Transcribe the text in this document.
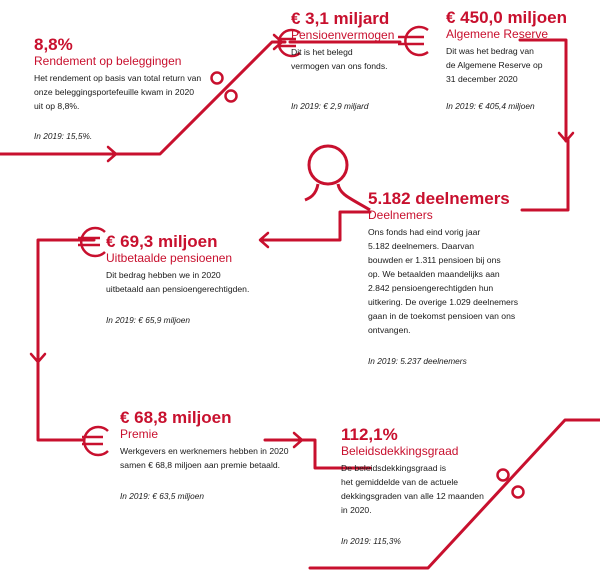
8,8%
Rendement op beleggingen
Het rendement op basis van total return van
onze beleggingsportefeuille kwam in 2020
uit op 8,8%.
In 2019: 15,5%.
€ 3,1 miljard
Pensioenvermogen
Dit is het belegd
vermogen van ons fonds.
In 2019: € 2,9 miljard
€ 450,0 miljoen
Algemene Reserve
Dit was het bedrag van
de Algemene Reserve op
31 december 2020
In 2019: € 405,4 miljoen
5.182 deelnemers
Deelnemers
Ons fonds had eind vorig jaar
5.182 deelnemers. Daarvan
bouwden er 1.311 pensioen bij ons
op. We betaalden maandelijks aan
2.842 pensioengerechtigden hun
uitkering. De overige 1.029 deelnemers
gaan in de toekomst pensioen van ons
ontvangen.
In 2019: 5.237 deelnemers
€ 69,3 miljoen
Uitbetaalde pensioenen
Dit bedrag hebben we in 2020
uitbetaald aan pensioengerechtigden.
In 2019: € 65,9 miljoen
€ 68,8 miljoen
Premie
Werkgevers en werknemers hebben in 2020
samen € 68,8 miljoen aan premie betaald.
In 2019: € 63,5 miljoen
112,1%
Beleidsdekkingsgraad
De beleidsdekkingsgraad is
het gemiddelde van de actuele
dekkingsgraden van alle 12 maanden
in 2020.
In 2019: 115,3%
